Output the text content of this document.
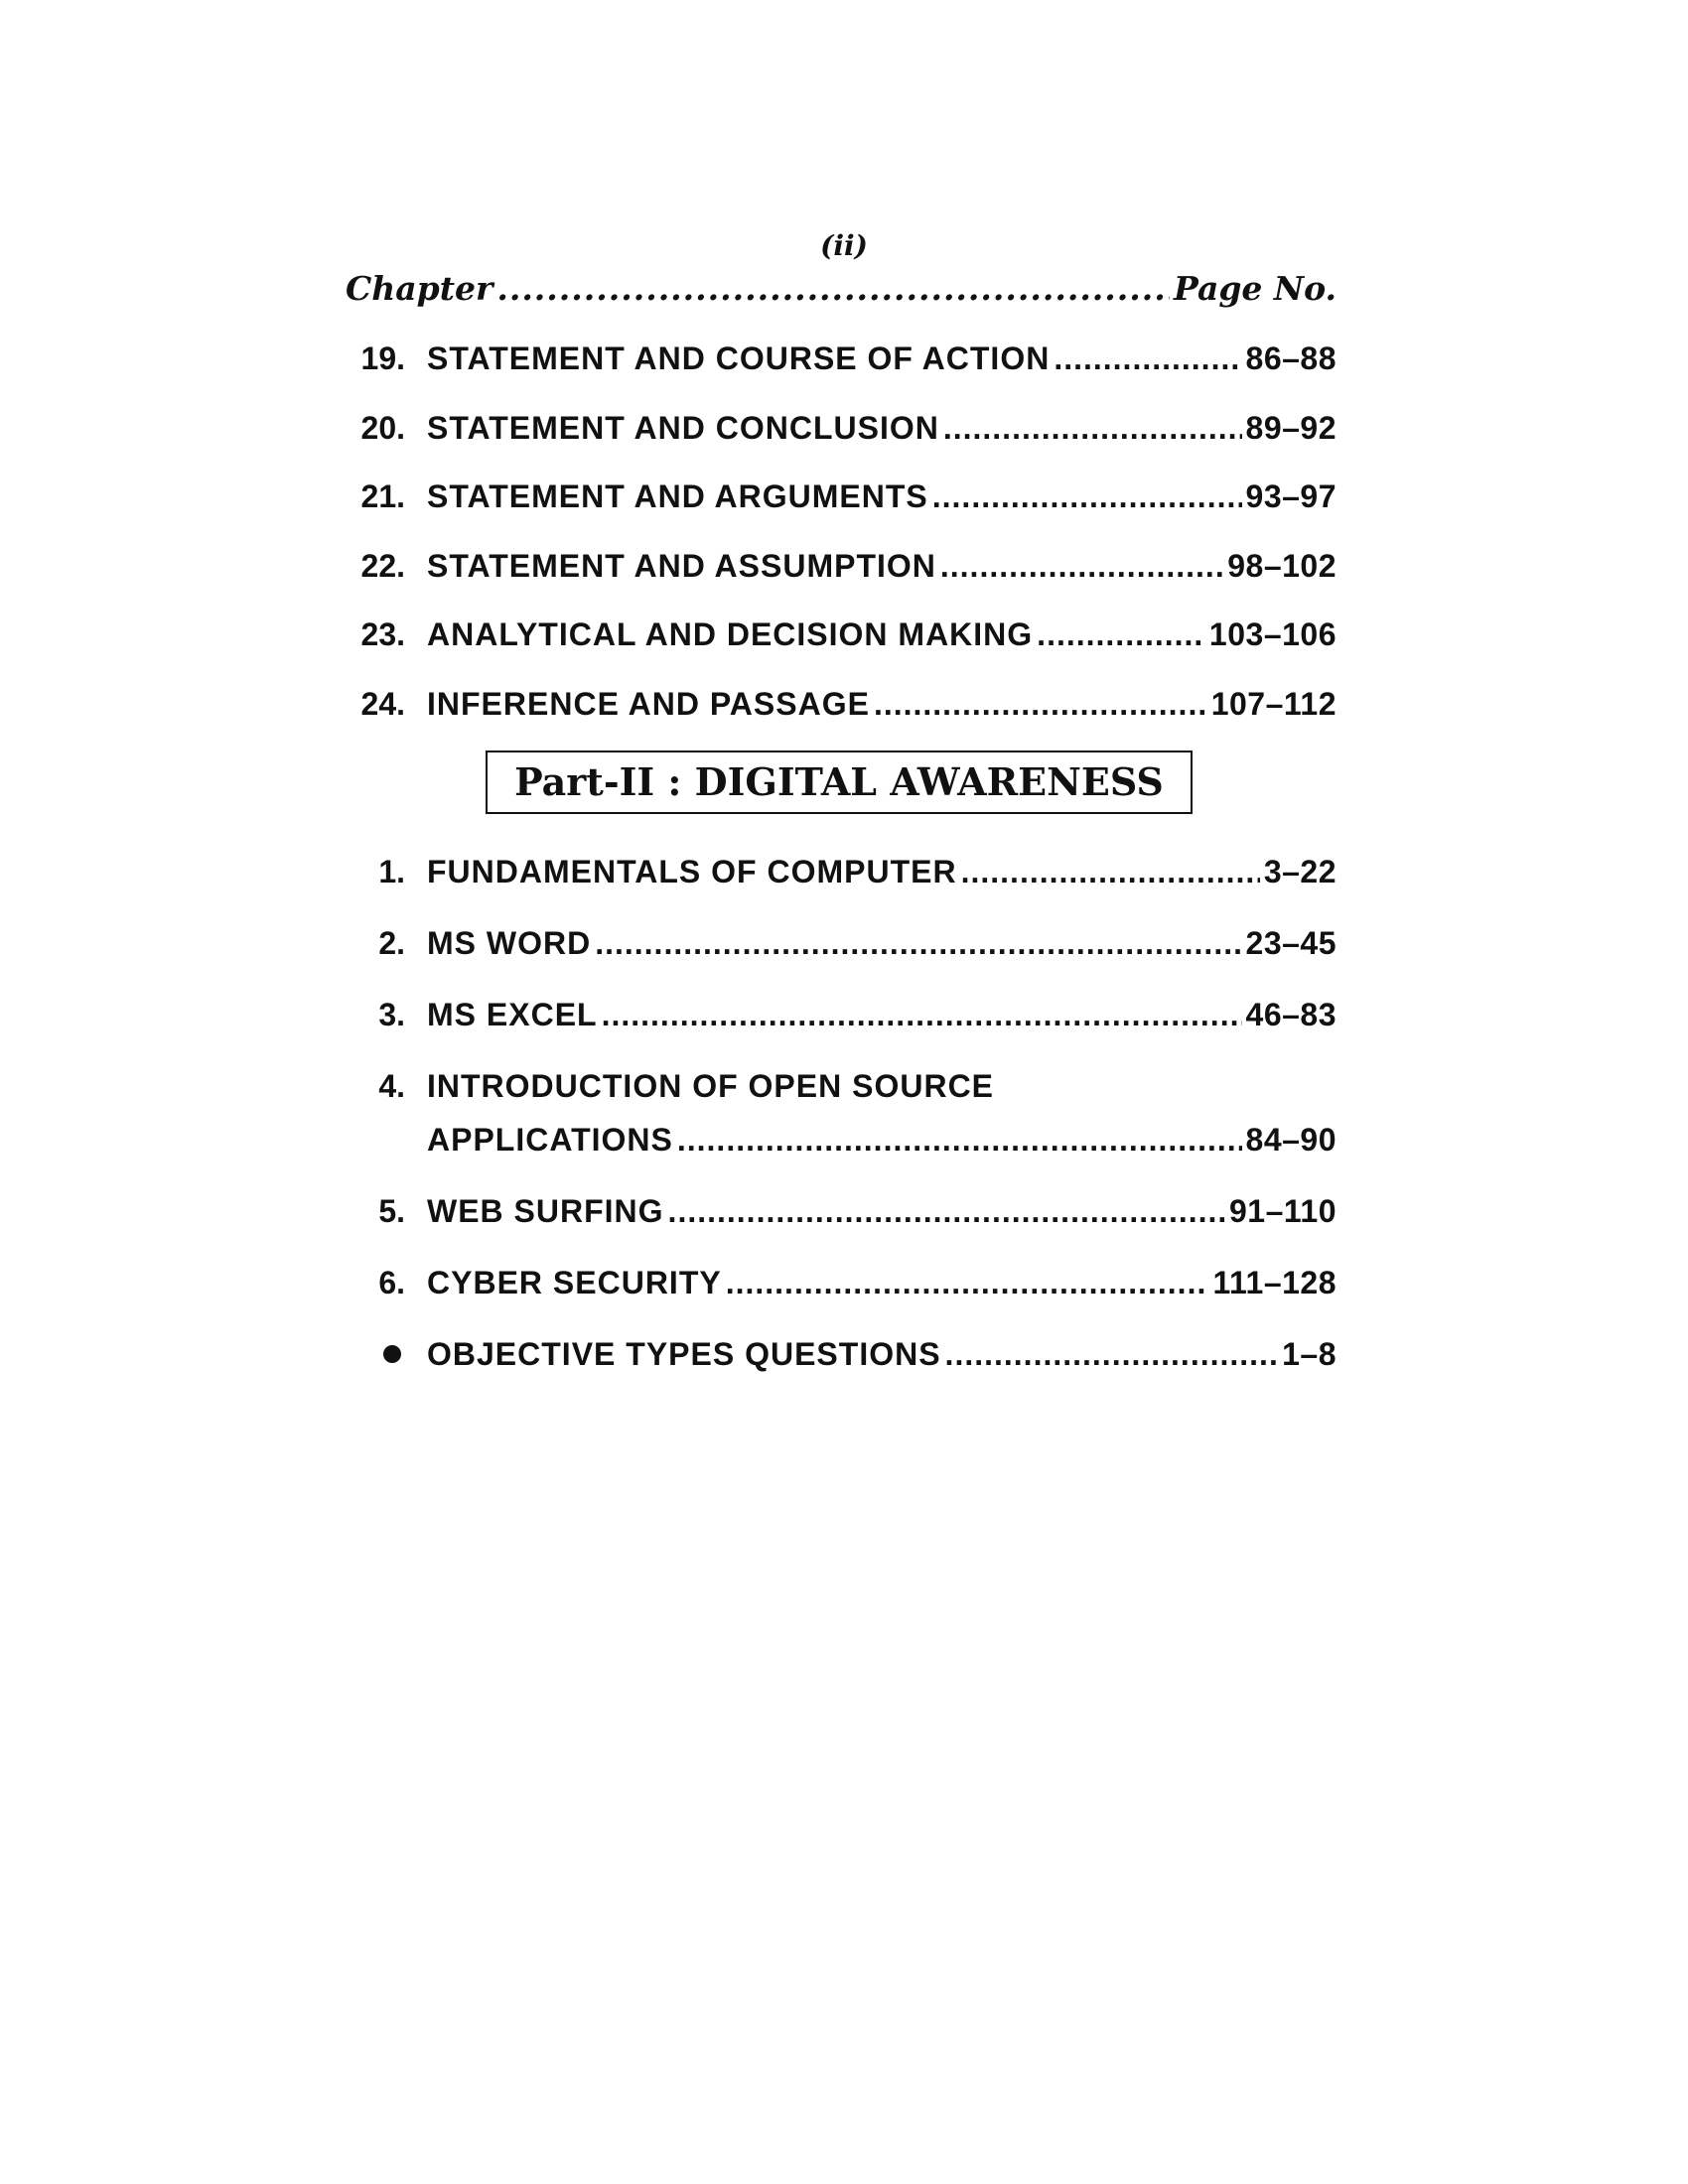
(ii)
Chapter .....	Page No.
19. STATEMENT AND COURSE OF ACTION .....	86–88
20. STATEMENT AND CONCLUSION .....	89–92
21. STATEMENT AND ARGUMENTS .....	93–97
22. STATEMENT AND ASSUMPTION .....	98–102
23. ANALYTICAL AND DECISION MAKING .....	103–106
24. INFERENCE AND PASSAGE .....	107–112
Part-II : DIGITAL AWARENESS
1. FUNDAMENTALS OF COMPUTER .....	3–22
2. MS WORD .....	23–45
3. MS EXCEL .....	46–83
4. INTRODUCTION OF OPEN SOURCE
APPLICATIONS .....	84–90
5. WEB SURFING .....	91–110
6. CYBER SECURITY .....	111–128
OBJECTIVE TYPES QUESTIONS .....	1–8
